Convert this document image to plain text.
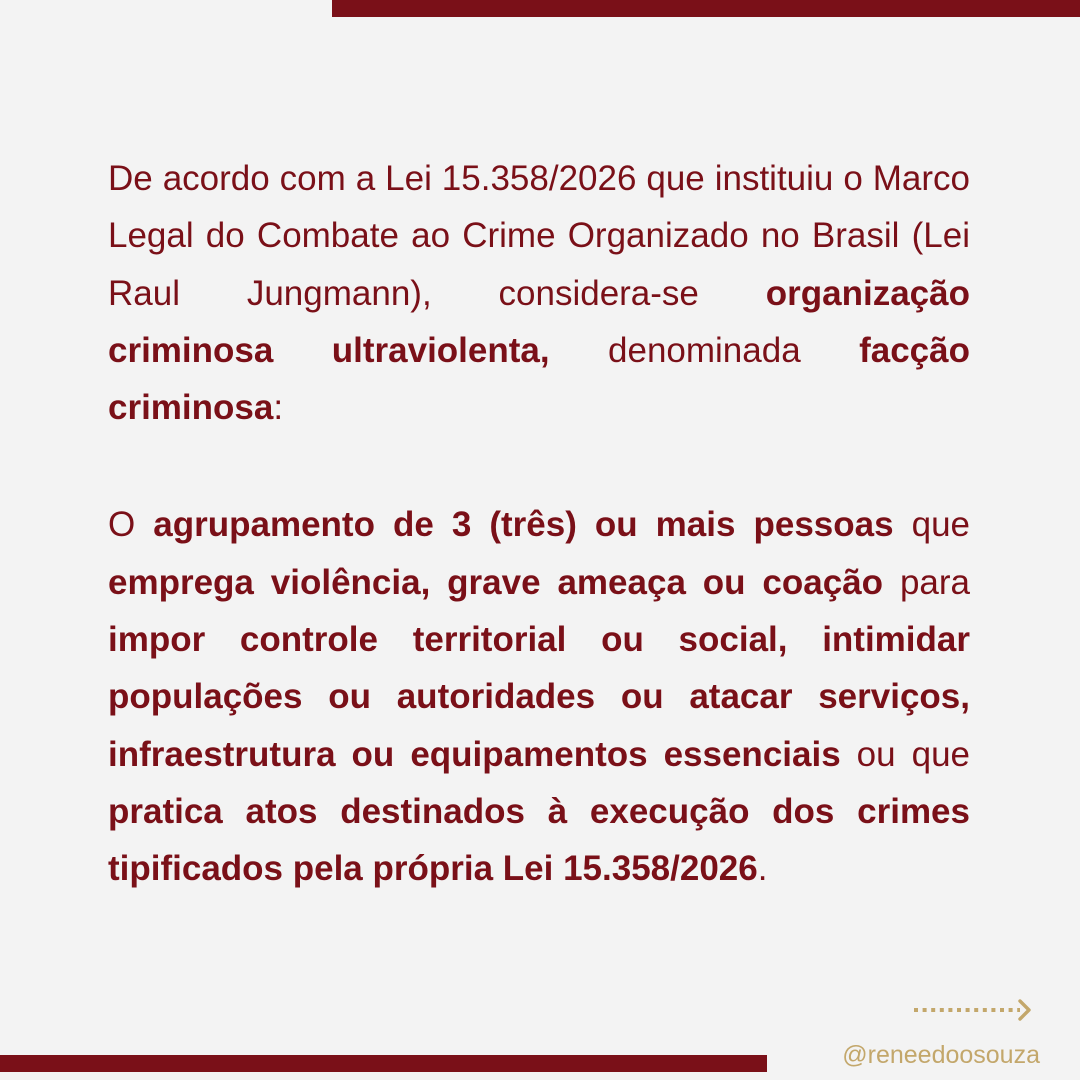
De acordo com a Lei 15.358/2026 que instituiu o Marco Legal do Combate ao Crime Organizado no Brasil (Lei Raul Jungmann), considera-se organização criminosa ultraviolenta, denominada facção criminosa:

O agrupamento de 3 (três) ou mais pessoas que emprega violência, grave ameaça ou coação para impor controle territorial ou social, intimidar populações ou autoridades ou atacar serviços, infraestrutura ou equipamentos essenciais ou que pratica atos destinados à execução dos crimes tipificados pela própria Lei 15.358/2026.

@reneedoosouza
